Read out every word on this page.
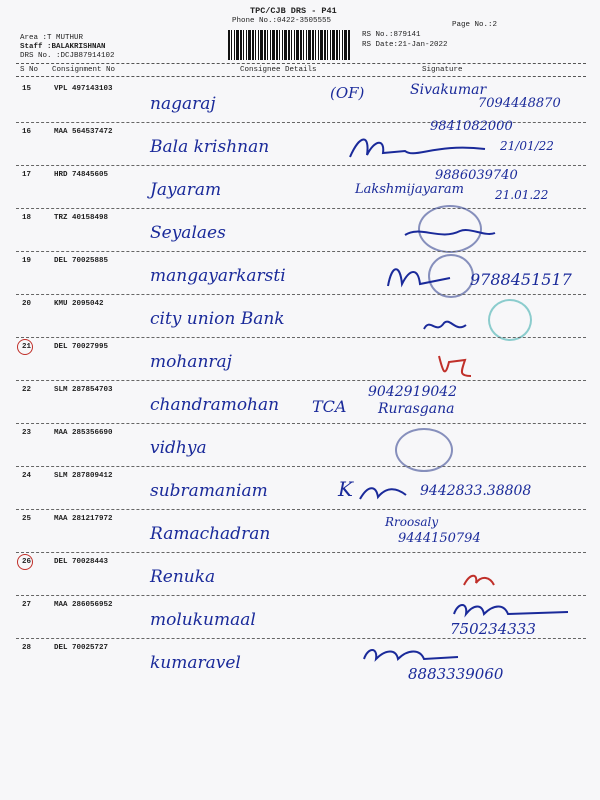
TPC/CJB DRS - P41
Phone No.:0422-3505555
RS No.:879141
Page No.:2
RS Date:21-Jan-2022
Area :T MUTHUR
Staff :BALAKRISHNAN
DRS No. :DCJB87914102
S No Consignment No	Consignee Details	Signature
15	VPL 497143103
nagaraj
(OF)	Sivakumar
7094448870
16	MAA 564537472
Bala krishnan
9841082000
21/01/22
17	HRD 74845605
Jayaram	Lakshmijayaram
9886039740
21.01.22
18	TRZ 40158498
Seyalaes
19	DEL 70025885
mangayarkarsti	9788451517
20	KMU 2095042
city union Bank
21	DEL 70027995
mohanraj
22	SLM 287854703
chandramohan TCA
9042919042
Rurasgana
23	MAA 285356690
vidhya
24	SLM 287809412
subramaniam	K	9442833.38808
25	MAA 281217972
Ramachadran
Rroosaly
9444150794
26	DEL 70028443
Renuka
27	MAA 286056952
molukumaal	750234333
28	DEL 70025727
kumaravel
8883339060
